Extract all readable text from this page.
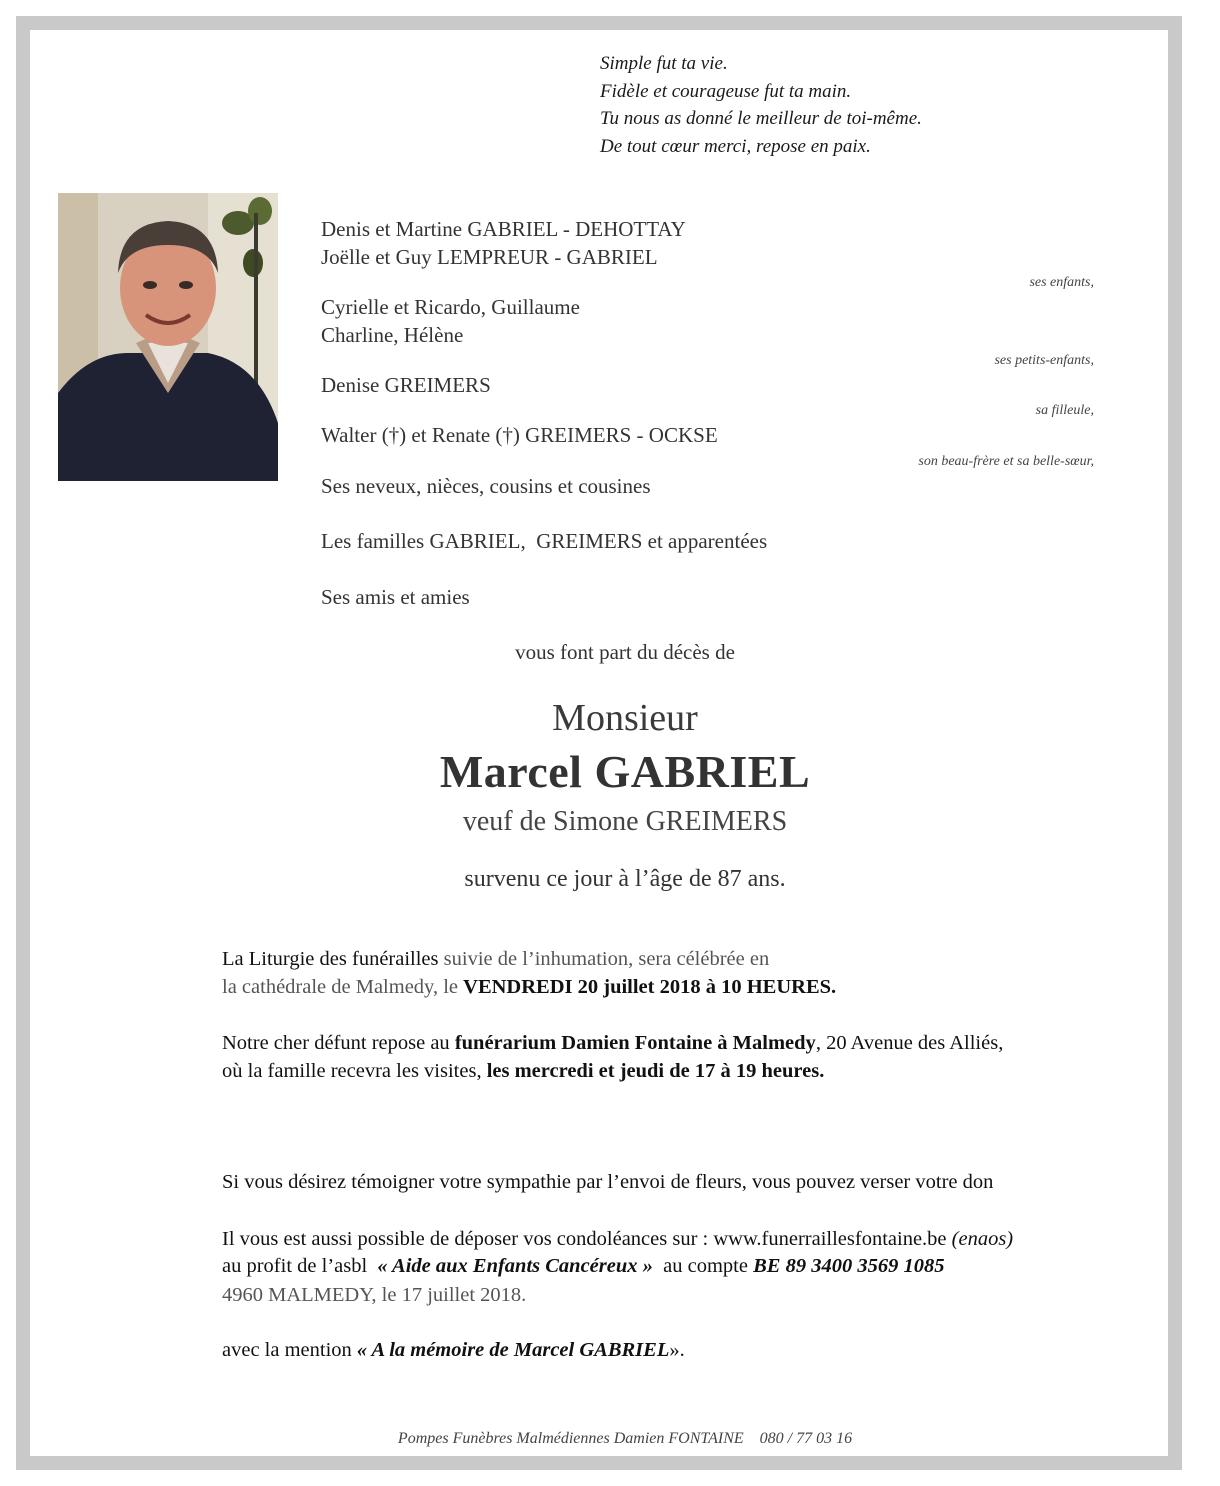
Simple fut ta vie.
Fidèle et courageuse fut ta main.
Tu nous as donné le meilleur de toi-même.
De tout cœur merci, repose en paix.
Denis et Martine GABRIEL - DEHOTTAY
Joëlle et Guy LEMPREUR - GABRIEL
ses enfants,
Cyrielle et Ricardo, Guillaume
Charline, Hélène
ses petits-enfants,
Denise GREIMERS
sa filleule,
Walter (†) et Renate (†) GREIMERS - OCKSE
son beau-frère et sa belle-sœur,
Ses neveux, nièces, cousins et cousines
Les familles GABRIEL,  GREIMERS et apparentées
Ses amis et amies
vous font part du décès de
Monsieur
Marcel GABRIEL
veuf de Simone GREIMERS
survenu ce jour à l’âge de 87 ans.
La Liturgie des funérailles suivie de l’inhumation, sera célébrée en
la cathédrale de Malmedy, le VENDREDI 20 juillet 2018 à 10 HEURES.
Notre cher défunt repose au funérarium Damien Fontaine à Malmedy, 20 Avenue des Alliés,
où la famille recevra les visites, les mercredi et jeudi de 17 à 19 heures.

Si vous désirez témoigner votre sympathie par l’envoi de fleurs, vous pouvez verser votre don

au profit de l’asbl  « Aide aux Enfants Cancéreux »  au compte BE 89 3400 3569 1085

avec la mention « A la mémoire de Marcel GABRIEL».

Il vous est aussi possible de déposer vos condoléances sur : www.funerraillesfontaine.be (enaos)
4960 MALMEDY, le 17 juillet 2018.
Pompes Funèbres Malmédiennes Damien FONTAINE    080 / 77 03 16
